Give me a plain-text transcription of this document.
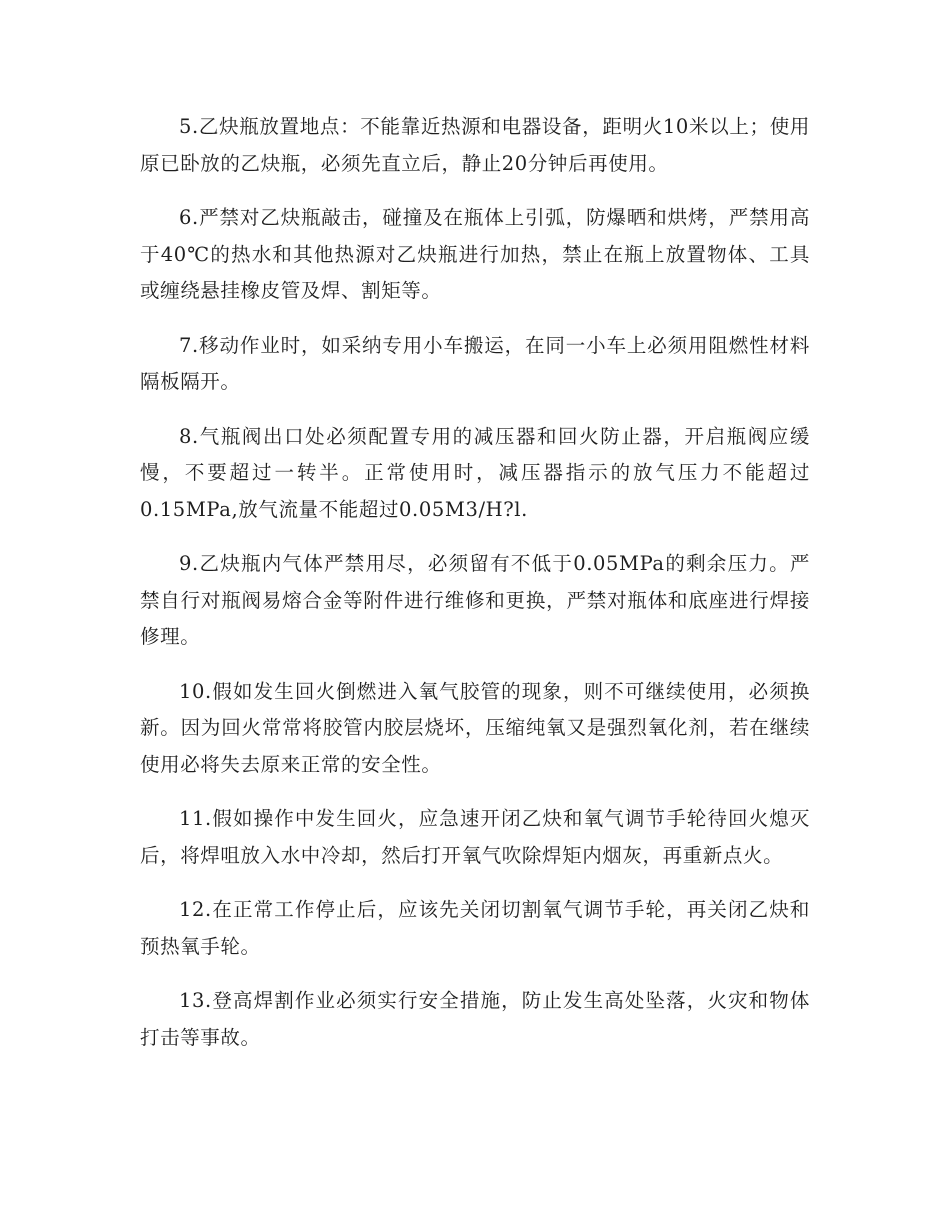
5.乙炔瓶放置地点：不能靠近热源和电器设备，距明火10米以上；使用原已卧放的乙炔瓶，必须先直立后，静止20分钟后再使用。

6.严禁对乙炔瓶敲击，碰撞及在瓶体上引弧，防爆晒和烘烤，严禁用高于40℃的热水和其他热源对乙炔瓶进行加热，禁止在瓶上放置物体、工具或缠绕悬挂橡皮管及焊、割矩等。

7.移动作业时，如采纳专用小车搬运，在同一小车上必须用阻燃性材料隔板隔开。

8.气瓶阀出口处必须配置专用的减压器和回火防止器，开启瓶阀应缓慢，不要超过一转半。正常使用时，减压器指示的放气压力不能超过0.15MPa,放气流量不能超过0.05M3/H?l.

9.乙炔瓶内气体严禁用尽，必须留有不低于0.05MPa的剩余压力。严禁自行对瓶阀易熔合金等附件进行维修和更换，严禁对瓶体和底座进行焊接修理。

10.假如发生回火倒燃进入氧气胶管的现象，则不可继续使用，必须换新。因为回火常常将胶管内胶层烧坏，压缩纯氧又是强烈氧化剂，若在继续使用必将失去原来正常的安全性。

11.假如操作中发生回火，应急速开闭乙炔和氧气调节手轮待回火熄灭后，将焊咀放入水中冷却，然后打开氧气吹除焊矩内烟灰，再重新点火。

12.在正常工作停止后，应该先关闭切割氧气调节手轮，再关闭乙炔和预热氧手轮。

13.登高焊割作业必须实行安全措施，防止发生高处坠落，火灾和物体打击等事故。
